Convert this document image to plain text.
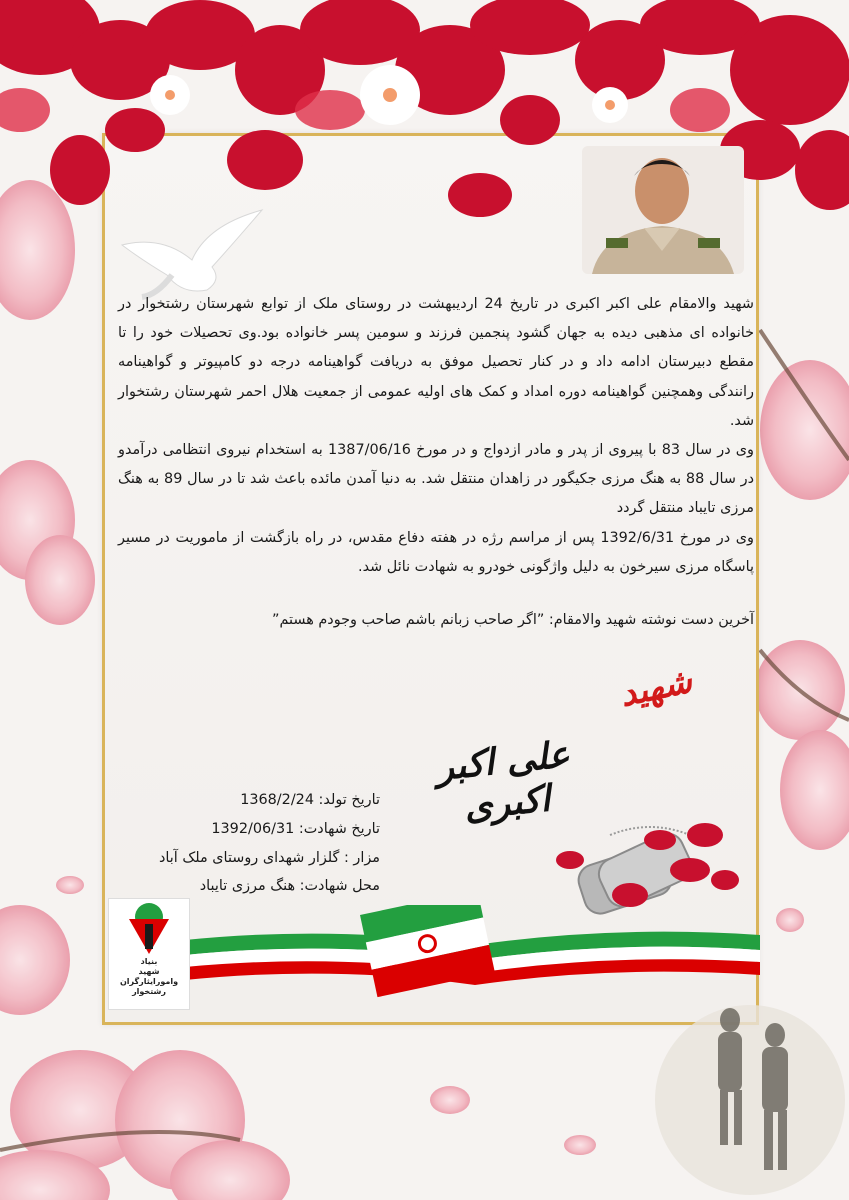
شهید والامقام علی اکبر اکبری در تاریخ 24 اردیبهشت در روستای ملک از توابع شهرستان رشتخوار در خانواده ای مذهبی دیده به جهان گشود پنجمین فرزند و سومین پسر خانواده بود.وی تحصیلات خود را تا مقطع دبیرستان ادامه داد و در کنار تحصیل موفق به دریافت گواهینامه درجه دو کامپیوتر و گواهینامه رانندگی وهمچنین گواهینامه دوره امداد و کمک های اولیه عمومی از جمعیت هلال احمر شهرستان رشتخوار شد.

وی در سال 83 با پیروی از پدر و مادر ازدواج و در مورخ 1387/06/16 به استخدام نیروی انتظامی درآمدو در سال 88 به هنگ مرزی جکیگور در زاهدان منتقل شد. به دنیا آمدن مائده باعث شد تا در سال 89 به هنگ مرزی تایباد منتقل گردد

وی در مورخ 1392/6/31 پس از مراسم رژه در هفته دفاع مقدس، در راه بازگشت از ماموریت در مسیر پاسگاه مرزی سیرخون به دلیل واژگونی خودرو به شهادت نائل شد.

آخرین دست نوشته شهید والامقام: ”اگر صاحب زبانم باشم صاحب وجودم هستم”
شهید
علی اکبر اکبری
تاریخ تولد: 1368/2/24
تاریخ شهادت: 1392/06/31
مزار : گلزار شهدای روستای ملک آباد
محل شهادت: هنگ مرزی تایباد
بنیاد
شهید
وامورایثارگران
رشتخوار
